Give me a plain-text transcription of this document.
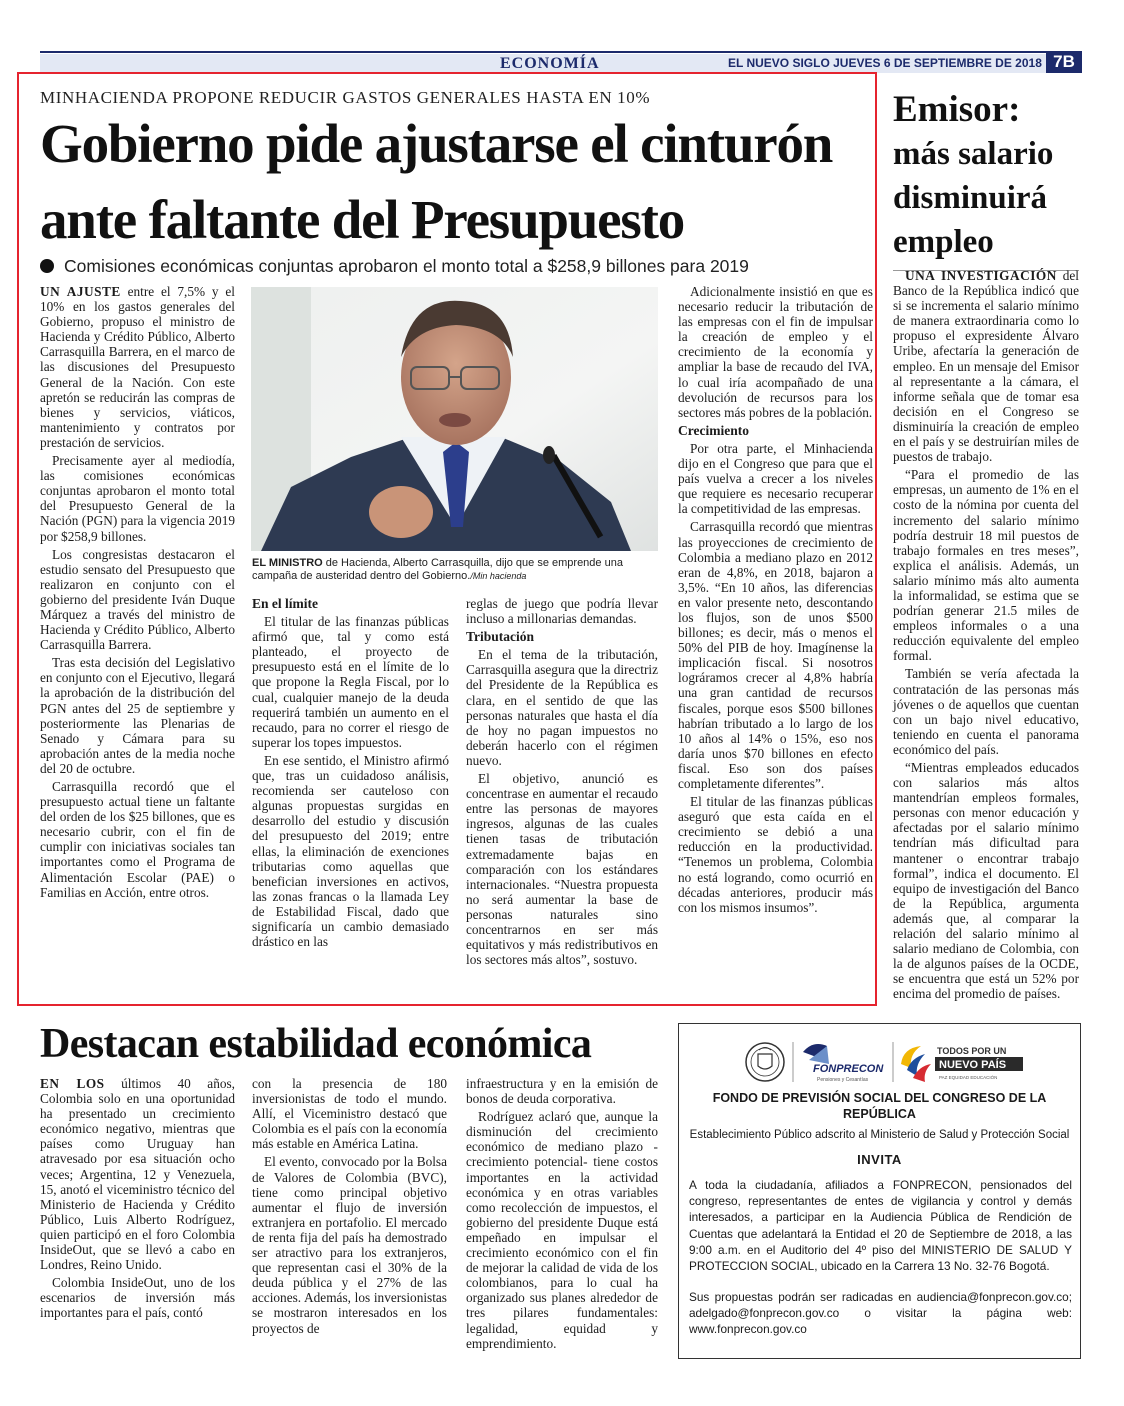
ECONOMÍA	EL NUEVO SIGLO JUEVES 6 DE SEPTIEMBRE DE 2018 7B
MINHACIENDA PROPONE REDUCIR GASTOS GENERALES HASTA EN 10%
Gobierno pide ajustarse el cinturón
ante faltante del Presupuesto
Comisiones económicas conjuntas aprobaron el monto total a $258,9 billones para 2019

UN AJUSTE entre el 7,5% y el 10% en los gastos generales del Gobierno, propuso el ministro de Hacienda y Crédito Público, Alberto Carrasquilla Barrera, en el marco de las discusiones del Presupuesto General de la Nación. Con este apretón se reducirán las compras de bienes y servicios, viáticos, mantenimiento y contratos por prestación de servicios.

Precisamente ayer al mediodía, las comisiones económicas conjuntas aprobaron el monto total del Presupuesto General de la Nación (PGN) para la vigencia 2019 por $258,9 billones.

Los congresistas destacaron el estudio sensato del Presupuesto que realizaron en conjunto con el gobierno del presidente Iván Duque Márquez a través del ministro de Hacienda y Crédito Público, Alberto Carrasquilla Barrera.

Tras esta decisión del Legislativo en conjunto con el Ejecutivo, llegará la aprobación de la distribución del PGN antes del 25 de septiembre y posteriormente las Plenarias de Senado y Cámara para su aprobación antes de la media noche del 20 de octubre.

Carrasquilla recordó que el presupuesto actual tiene un faltante del orden de los $25 billones, que es necesario cubrir, con el fin de cumplir con iniciativas sociales tan importantes como el Programa de Alimentación Escolar (PAE) o Familias en Acción, entre otros.

EL MINISTRO de Hacienda, Alberto Carrasquilla, dijo que se emprende una campaña de austeridad dentro del Gobierno./Min hacienda

En el límite

El titular de las finanzas públicas afirmó que, tal y como está planteado, el proyecto de presupuesto está en el límite de lo que propone la Regla Fiscal, por lo cual, cualquier manejo de la deuda requerirá también un aumento en el recaudo, para no correr el riesgo de superar los topes impuestos.

En ese sentido, el Ministro afirmó que, tras un cuidadoso análisis, recomienda ser cauteloso con algunas propuestas surgidas en desarrollo del estudio y discusión del presupuesto del 2019; entre ellas, la eliminación de exenciones tributarias como aquellas que benefician inversiones en activos, las zonas francas o la llamada Ley de Estabilidad Fiscal, dado que significaría un cambio demasiado drástico en las

reglas de juego que podría llevar incluso a millonarias demandas.

Tributación

En el tema de la tributación, Carrasquilla asegura que la directriz del Presidente de la República es clara, en el sentido de que las personas naturales que hasta el día de hoy no pagan impuestos no deberán hacerlo con el régimen nuevo.

El objetivo, anunció es concentrase en aumentar el recaudo entre las personas de mayores ingresos, algunas de las cuales tienen tasas de tributación extremadamente bajas en comparación con los estándares internacionales. “Nuestra propuesta no será aumentar la base de personas naturales sino concentrarnos en ser más equitativos y más redistributivos en los sectores más altos”, sostuvo.

Adicionalmente insistió en que es necesario reducir la tributación de las empresas con el fin de impulsar la creación de empleo y el crecimiento de la economía y ampliar la base de recaudo del IVA, lo cual iría acompañado de una devolución de recursos para los sectores más pobres de la población.

Crecimiento

Por otra parte, el Minhacienda dijo en el Congreso que para que el país vuelva a crecer a los niveles que requiere es necesario recuperar la competitividad de las empresas.

Carrasquilla recordó que mientras las proyecciones de crecimiento de Colombia a mediano plazo en 2012 eran de 4,8%, en 2018, bajaron a 3,5%. “En 10 años, las diferencias en valor presente neto, descontando los flujos, son de unos $500 billones; es decir, más o menos el 50% del PIB de hoy. Imagínense la implicación fiscal. Si nosotros lográramos crecer al 4,8% habría una gran cantidad de recursos fiscales, porque esos $500 billones habrían tributado a lo largo de los 10 años al 14% o 15%, eso nos daría unos $70 billones en efecto fiscal. Eso son dos países completamente diferentes”.

El titular de las finanzas públicas aseguró que esta caída en el crecimiento se debió a una reducción en la productividad. “Tenemos un problema, Colombia no está logrando, como ocurrió en décadas anteriores, producir más con los mismos insumos”.

Emisor:
más salario
disminuirá
empleo

UNA INVESTIGACIÓN del Banco de la República indicó que si se incrementa el salario mínimo de manera extraordinaria como lo propuso el expresidente Álvaro Uribe, afectaría la generación de empleo. En un mensaje del Emisor al representante a la cámara, el informe señala que de tomar esa decisión en el Congreso se disminuiría la creación de empleo en el país y se destruirían miles de puestos de trabajo.

“Para el promedio de las empresas, un aumento de 1% en el costo de la nómina por cuenta del incremento del salario mínimo podría destruir 18 mil puestos de trabajo formales en tres meses”, explica el análisis. Además, un salario mínimo más alto aumenta la informalidad, se estima que se podrían generar 21.5 miles de empleos informales o a una reducción equivalente del empleo formal.

También se vería afectada la contratación de las personas más jóvenes o de aquellos que cuentan con un bajo nivel educativo, teniendo en cuenta el panorama económico del país.

“Mientras empleados educados con salarios más altos mantendrían empleos formales, personas con menor educación y afectadas por el salario mínimo tendrían más dificultad para mantener o encontrar trabajo formal”, indica el documento. El equipo de investigación del Banco de la República, argumenta además que, al comparar la relación del salario mínimo al salario mediano de Colombia, con la de algunos países de la OCDE, se encuentra que está un 52% por encima del promedio de países.

Destacan estabilidad económica

EN LOS últimos 40 años, Colombia solo en una oportunidad ha presentado un crecimiento económico negativo, mientras que países como Uruguay han atravesado por esa situación ocho veces; Argentina, 12 y Venezuela, 15, anotó el viceministro técnico del Ministerio de Hacienda y Crédito Público, Luis Alberto Rodríguez, quien participó en el foro Colombia InsideOut, que se llevó a cabo en Londres, Reino Unido.

Colombia InsideOut, uno de los escenarios de inversión más importantes para el país, contó

con la presencia de 180 inversionistas de todo el mundo. Allí, el Viceministro destacó que Colombia es el país con la economía más estable en América Latina.

El evento, convocado por la Bolsa de Valores de Colombia (BVC), tiene como principal objetivo aumentar el flujo de inversión extranjera en portafolio. El mercado de renta fija del país ha demostrado ser atractivo para los extranjeros, que representan casi el 30% de la deuda pública y el 27% de las acciones. Además, los inversionistas se mostraron interesados en los proyectos de

infraestructura y en la emisión de bonos de deuda corporativa.

Rodríguez aclaró que, aunque la disminución del crecimiento económico de mediano plazo -crecimiento potencial- tiene costos importantes en la actividad económica y en otras variables como recolección de impuestos, el gobierno del presidente Duque está empeñado en impulsar el crecimiento económico con el fin de mejorar la calidad de vida de los colombianos, para lo cual ha organizado sus planes alrededor de tres pilares fundamentales: legalidad, equidad y emprendimiento.

FONPRECON
Pensiones y Cesantías
TODOS POR UN
NUEVO PAÍS
PAZ EQUIDAD EDUCACIÓN
FONDO DE PREVISIÓN SOCIAL DEL CONGRESO DE LA REPÚBLICA
Establecimiento Público adscrito al Ministerio de Salud y Protección Social
INVITA
A toda la ciudadanía, afiliados a FONPRECON, pensionados del congreso, representantes de entes de vigilancia y control y demás interesados, a participar en la Audiencia Pública de Rendición de Cuentas que adelantará la Entidad el 20 de Septiembre de 2018, a las 9:00 a.m. en el Auditorio del 4º piso del MINISTERIO DE SALUD Y PROTECCION SOCIAL, ubicado en la Carrera 13 No. 32-76 Bogotá.
Sus propuestas podrán ser radicadas en audiencia@fonprecon.gov.co; adelgado@fonprecon.gov.co o visitar la página web: www.fonprecon.gov.co
